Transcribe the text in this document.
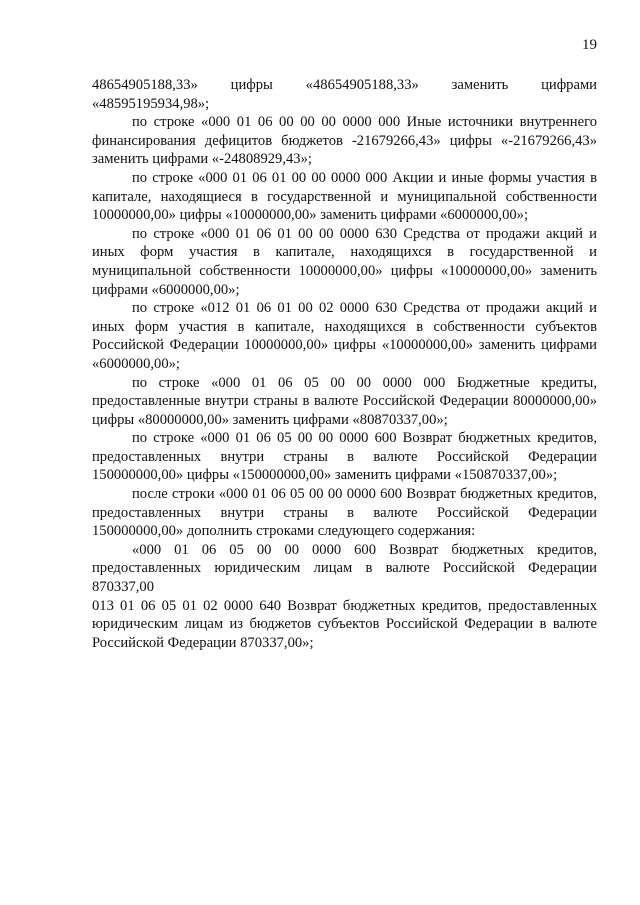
19

48654905188,33» цифры «48654905188,33» заменить цифрами «48595195934,98»;

по строке «000 01 06 00 00 00 0000 000 Иные источники внутреннего финансирования дефицитов бюджетов -21679266,43» цифры «-21679266,43» заменить цифрами «-24808929,43»;

по строке «000 01 06 01 00 00 0000 000 Акции и иные формы участия в капитале, находящиеся в государственной и муниципальной собственности 10000000,00» цифры «10000000,00» заменить цифрами «6000000,00»;

по строке «000 01 06 01 00 00 0000 630 Средства от продажи акций и иных форм участия в капитале, находящихся в государственной и муниципальной собственности 10000000,00» цифры «10000000,00» заменить цифрами «6000000,00»;

по строке «012 01 06 01 00 02 0000 630 Средства от продажи акций и иных форм участия в капитале, находящихся в собственности субъектов Российской Федерации 10000000,00» цифры «10000000,00» заменить цифрами «6000000,00»;

по строке «000 01 06 05 00 00 0000 000 Бюджетные кредиты, предоставленные внутри страны в валюте Российской Федерации 80000000,00» цифры «80000000,00» заменить цифрами «80870337,00»;

по строке «000 01 06 05 00 00 0000 600 Возврат бюджетных кредитов, предоставленных внутри страны в валюте Российской Федерации 150000000,00» цифры «150000000,00» заменить цифрами «150870337,00»;

после строки «000 01 06 05 00 00 0000 600 Возврат бюджетных кредитов, предоставленных внутри страны в валюте Российской Федерации 150000000,00» дополнить строками следующего содержания:

«000 01 06 05 00 00 0000 600 Возврат бюджетных кредитов, предоставленных юридическим лицам в валюте Российской Федерации 870337,00

013 01 06 05 01 02 0000 640 Возврат бюджетных кредитов, предоставленных юридическим лицам из бюджетов субъектов Российской Федерации в валюте Российской Федерации 870337,00»;
